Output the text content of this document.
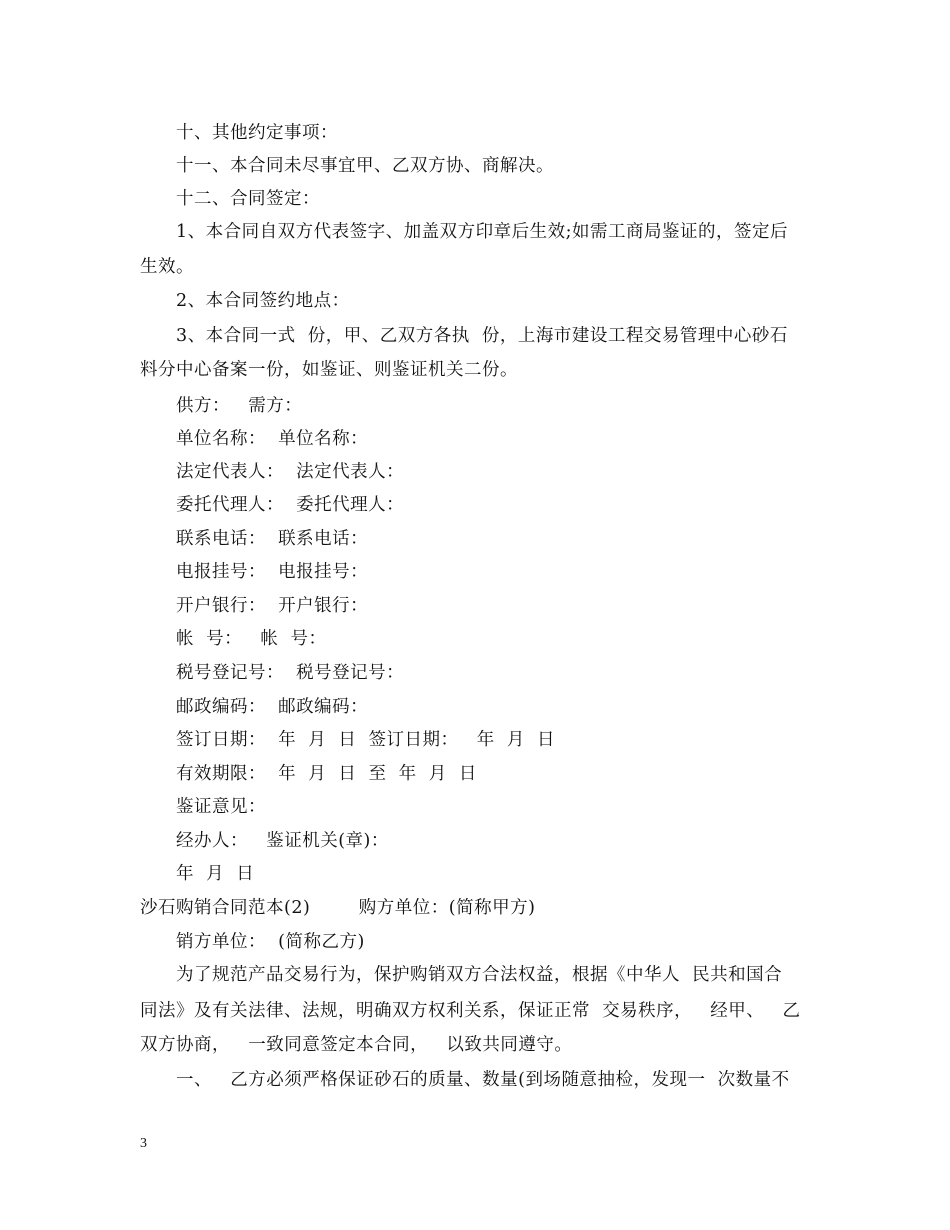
十、其他约定事项：
十一、本合同未尽事宜甲、乙双方协、商解决。
十二、合同签定：
1、本合同自双方代表签字、加盖双方印章后生效;如需工商局鉴证的，签定后
生效。
2、本合同签约地点：
3、本合同一式  份，甲、乙双方各执  份，上海市建设工程交易管理中心砂石
料分中心备案一份，如鉴证、则鉴证机关二份。
供方：   需方：
单位名称：  单位名称：
法定代表人：  法定代表人：
委托代理人：  委托代理人：
联系电话：  联系电话：
电报挂号：  电报挂号：
开户银行：  开户银行：
帐  号：   帐  号：
税号登记号：  税号登记号：
邮政编码：  邮政编码：
签订日期：  年  月  日  签订日期：   年  月  日
有效期限：  年  月  日  至  年  月  日
鉴证意见：
经办人：   鉴证机关(章)：
年  月  日
沙石购销合同范本(2)        购方单位：(简称甲方)
销方单位：  (简称乙方)
为了规范产品交易行为，保护购销双方合法权益，根据《中华人  民共和国合
同法》及有关法律、法规，明确双方权利关系，保证正常  交易秩序，   经甲、   乙
双方协商，   一致同意签定本合同，   以致共同遵守。
一、   乙方必须严格保证砂石的质量、数量(到场随意抽检，发现一  次数量不
3
